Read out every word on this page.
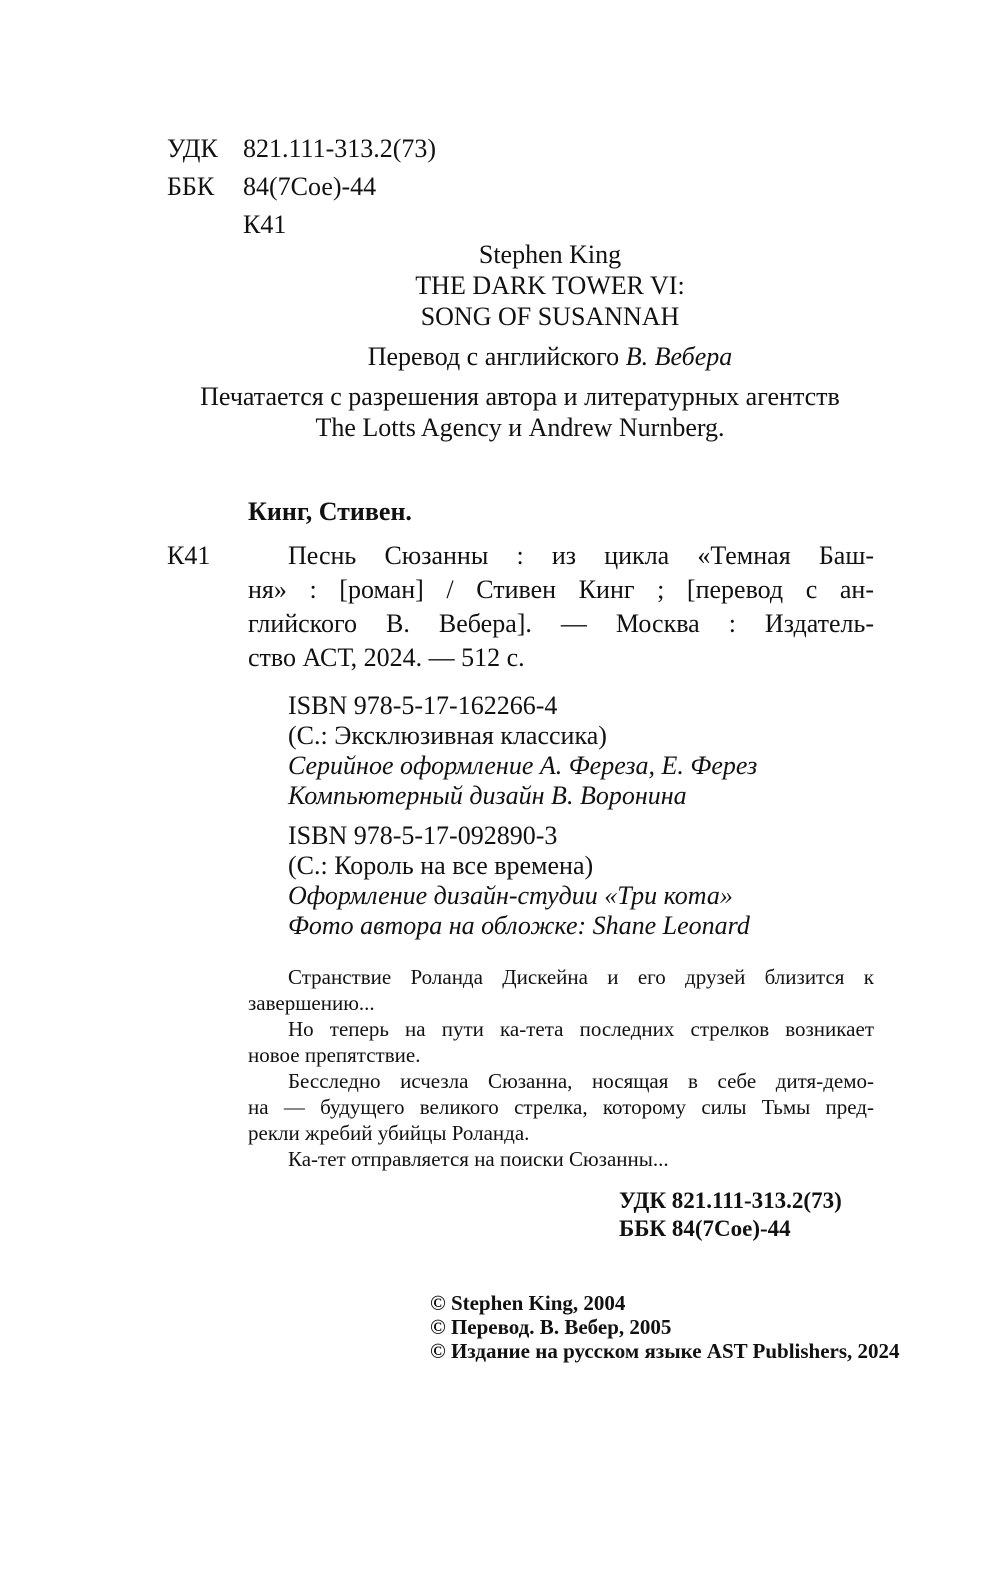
УДК 821.111-313.2(73)
ББК 84(7Сое)-44
К41
Stephen King
THE DARK TOWER VI:
SONG OF SUSANNAH
Перевод с английского В. Вебера
Печатается с разрешения автора и литературных агентств
The Lotts Agency и Andrew Nurnberg.
Кинг, Стивен.
К41	Песнь Сюзанны : из цикла «Темная Баш-
ня» : [роман] / Стивен Кинг ; [перевод с ан-
глийского В. Вебера]. — Москва : Издатель-
ство АСТ, 2024. — 512 с.
ISBN 978-5-17-162266-4
(С.: Эксклюзивная классика)
Серийное оформление А. Фереза, Е. Ферез
Компьютерный дизайн В. Воронина
ISBN 978-5-17-092890-3
(С.: Король на все времена)
Оформление дизайн-студии «Три кота»
Фото автора на обложке: Shane Leonard
Странствие Роланда Дискейна и его друзей близится к
завершению...
Но теперь на пути ка-тета последних стрелков возникает
новое препятствие.
Бесследно исчезла Сюзанна, носящая в себе дитя-демо-
на — будущего великого стрелка, которому силы Тьмы пред-
рекли жребий убийцы Роланда.
Ка-тет отправляется на поиски Сюзанны...
УДК 821.111-313.2(73)
ББК 84(7Сое)-44
© Stephen King, 2004
© Перевод. В. Вебер, 2005
© Издание на русском языке AST Publishers, 2024
